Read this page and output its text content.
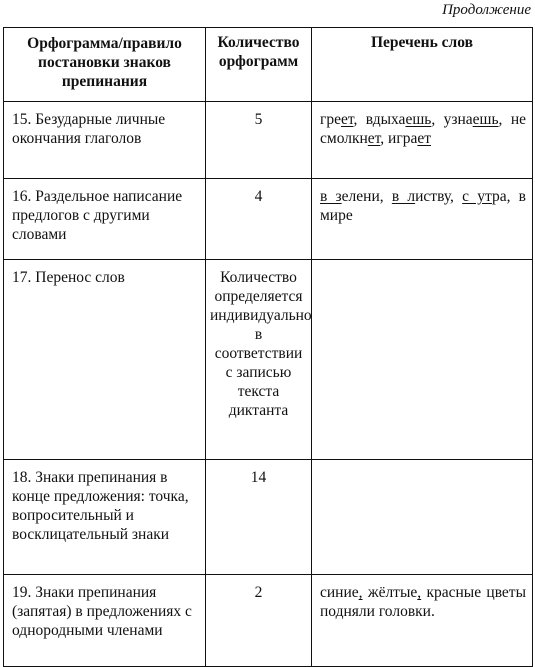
Продолжение
Орфограмма/правило постановки знаков препинания	Количество орфограмм	Перечень слов
15. Безударные личные окончания глаголов	5	греет, вдыхаешь, узнаешь, не смолкнет, играет
16. Раздельное написание предлогов с другими словами	4	в зелени, в листву, с утра, в мире
17. Перенос слов	Количество определяется индивидуально в соответствии с записью текста диктанта	
18. Знаки препинания в конце предложения: точка, вопросительный и восклицательный знаки	14	
19. Знаки препинания (запятая) в предложениях с однородными членами	2	синие, жёлтые, красные цветы подняли головки.
